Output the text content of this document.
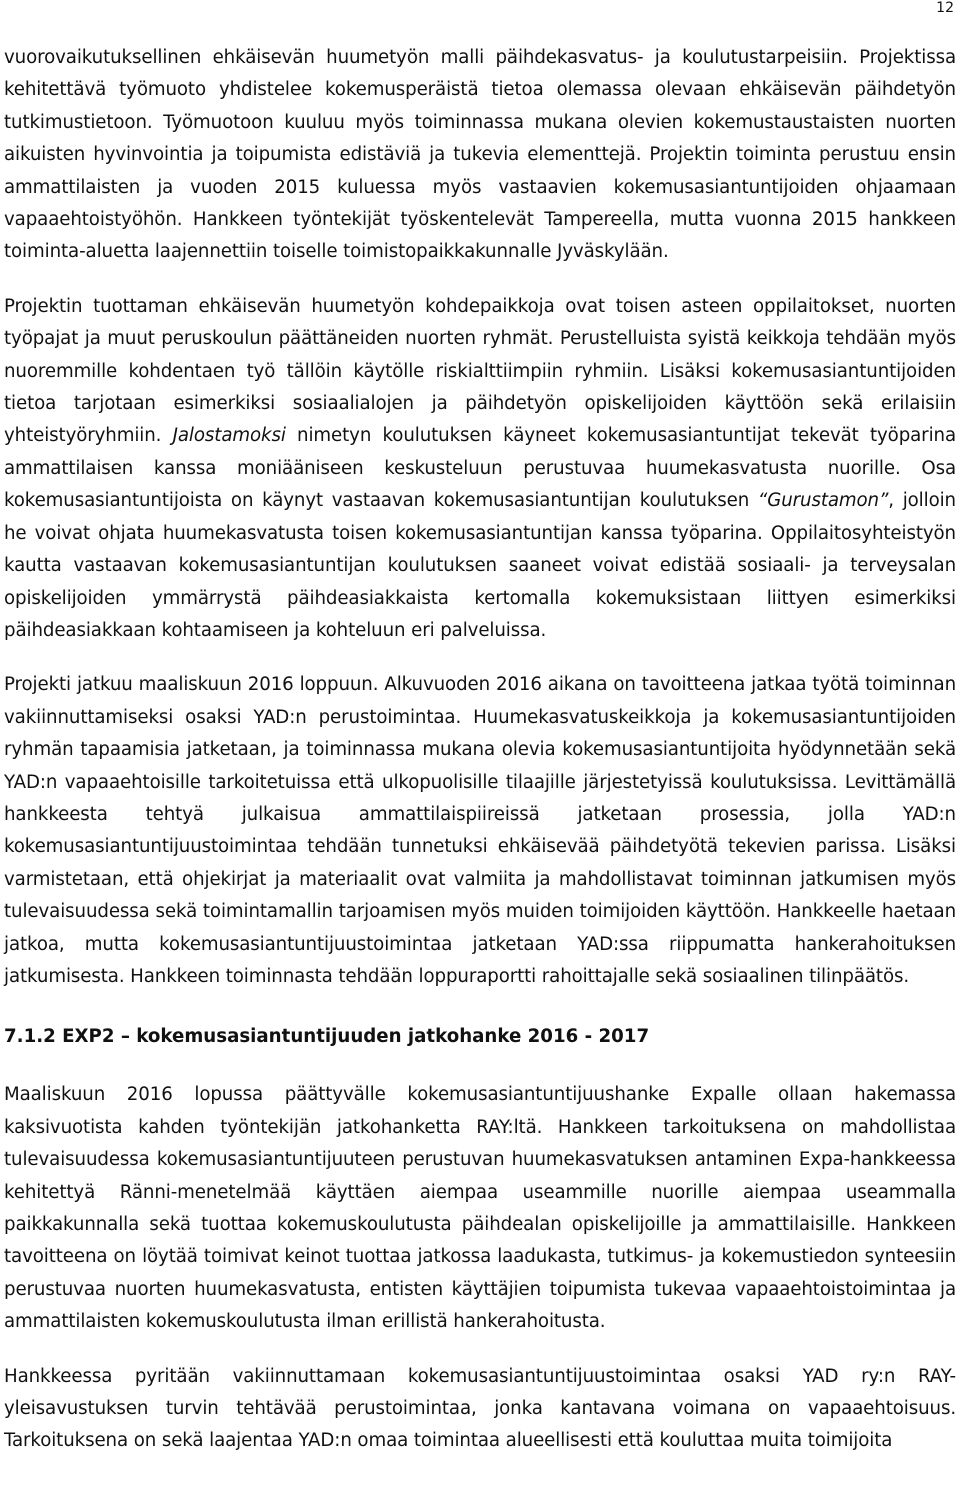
12

vuorovaikutuksellinen ehkäisevän huumetyön malli päihdekasvatus- ja koulutustarpeisiin. Projektissa kehitettävä työmuoto yhdistelee kokemusperäistä tietoa olemassa olevaan ehkäisevän päihdetyön tutkimustietoon. Työmuotoon kuuluu myös toiminnassa mukana olevien kokemustaustaisten nuorten aikuisten hyvinvointia ja toipumista edistäviä ja tukevia elementtejä. Projektin toiminta perustuu ensin ammattilaisten ja vuoden 2015 kuluessa myös vastaavien kokemusasiantuntijoiden ohjaamaan vapaaehtoistyöhön. Hankkeen työntekijät työskentelevät Tampereella, mutta vuonna 2015 hankkeen toiminta-aluetta laajennettiin toiselle toimistopaikkakunnalle Jyväskylään.

Projektin tuottaman ehkäisevän huumetyön kohdepaikkoja ovat toisen asteen oppilaitokset, nuorten työpajat ja muut peruskoulun päättäneiden nuorten ryhmät. Perustelluista syistä keikkoja tehdään myös nuoremmille kohdentaen työ tällöin käytölle riskialttiimpiin ryhmiin. Lisäksi kokemusasiantuntijoiden tietoa tarjotaan esimerkiksi sosiaalialojen ja päihdetyön opiskelijoiden käyttöön sekä erilaisiin yhteistyöryhmiin. Jalostamoksi nimetyn koulutuksen käyneet kokemusasiantuntijat tekevät työparina ammattilaisen kanssa moniääniseen keskusteluun perustuvaa huumekasvatusta nuorille. Osa kokemusasiantuntijoista on käynyt vastaavan kokemusasiantuntijan koulutuksen “Gurustamon”, jolloin he voivat ohjata huumekasvatusta toisen kokemusasiantuntijan kanssa työparina. Oppilaitosyhteistyön kautta vastaavan kokemusasiantuntijan koulutuksen saaneet voivat edistää sosiaali- ja terveysalan opiskelijoiden ymmärrystä päihdeasiakkaista kertomalla kokemuksistaan liittyen esimerkiksi päihdeasiakkaan kohtaamiseen ja kohteluun eri palveluissa.

Projekti jatkuu maaliskuun 2016 loppuun. Alkuvuoden 2016 aikana on tavoitteena jatkaa työtä toiminnan vakiinnuttamiseksi osaksi YAD:n perustoimintaa. Huumekasvatuskeikkoja ja kokemusasiantuntijoiden ryhmän tapaamisia jatketaan, ja toiminnassa mukana olevia kokemusasiantuntijoita hyödynnetään sekä YAD:n vapaaehtoisille tarkoitetuissa että ulkopuolisille tilaajille järjestetyissä koulutuksissa. Levittämällä hankkeesta tehtyä julkaisua ammattilaispiireissä jatketaan prosessia, jolla YAD:n kokemusasiantuntijuustoimintaa tehdään tunnetuksi ehkäisevää päihdetyötä tekevien parissa. Lisäksi varmistetaan, että ohjekirjat ja materiaalit ovat valmiita ja mahdollistavat toiminnan jatkumisen myös tulevaisuudessa sekä toimintamallin tarjoamisen myös muiden toimijoiden käyttöön. Hankkeelle haetaan jatkoa, mutta kokemusasiantuntijuustoimintaa jatketaan YAD:ssa riippumatta hankerahoituksen jatkumisesta. Hankkeen toiminnasta tehdään loppuraportti rahoittajalle sekä sosiaalinen tilinpäätös.

7.1.2 EXP2 – kokemusasiantuntijuuden jatkohanke 2016 - 2017

Maaliskuun 2016 lopussa päättyvälle kokemusasiantuntijuushanke Expalle ollaan hakemassa kaksivuotista kahden työntekijän jatkohanketta RAY:ltä. Hankkeen tarkoituksena on mahdollistaa tulevaisuudessa kokemusasiantuntijuuteen perustuvan huumekasvatuksen antaminen Expa-hankkeessa kehitettyä Ränni-menetelmää käyttäen aiempaa useammille nuorille aiempaa useammalla paikkakunnalla sekä tuottaa kokemuskoulutusta päihdealan opiskelijoille ja ammattilaisille. Hankkeen tavoitteena on löytää toimivat keinot tuottaa jatkossa laadukasta, tutkimus- ja kokemustiedon synteesiin perustuvaa nuorten huumekasvatusta, entisten käyttäjien toipumista tukevaa vapaaehtoistoimintaa ja ammattilaisten kokemuskoulutusta ilman erillistä hankerahoitusta.

Hankkeessa pyritään vakiinnuttamaan kokemusasiantuntijuustoimintaa osaksi YAD ry:n RAY-yleisavustuksen turvin tehtävää perustoimintaa, jonka kantavana voimana on vapaaehtoisuus. Tarkoituksena on sekä laajentaa YAD:n omaa toimintaa alueellisesti että kouluttaa muita toimijoita
